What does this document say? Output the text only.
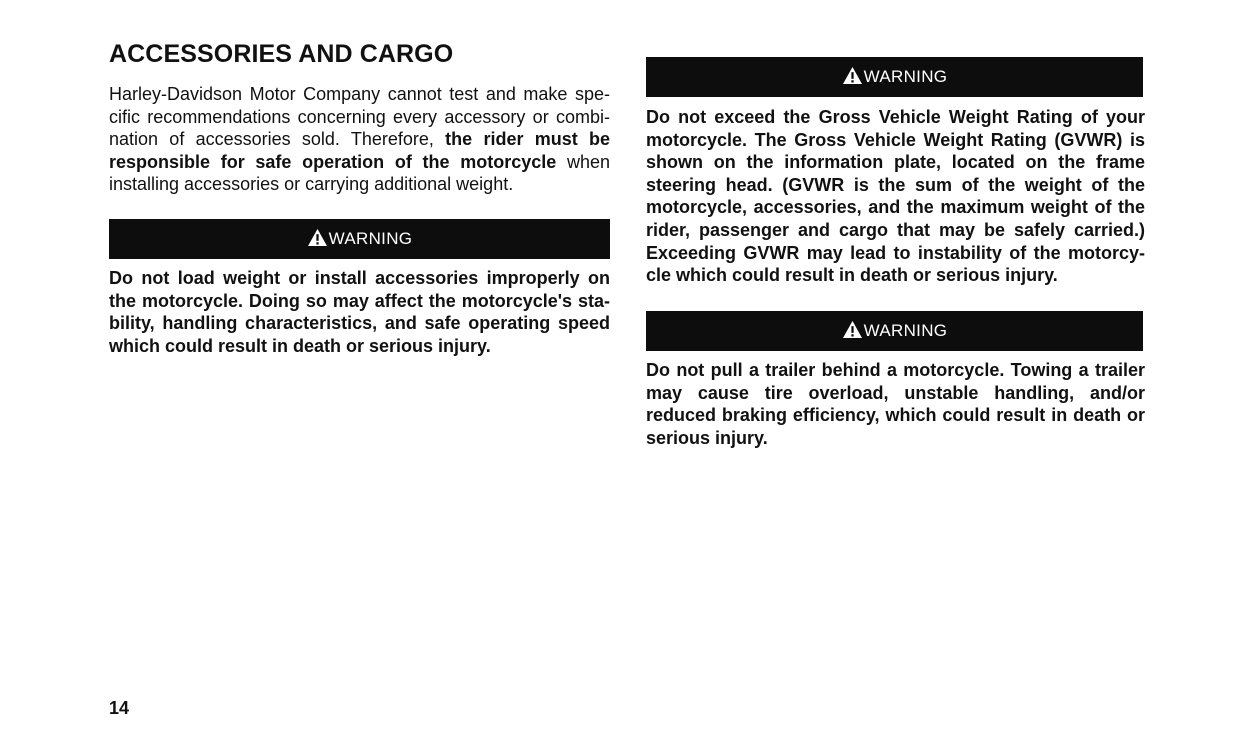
ACCESSORIES AND CARGO

Harley-Davidson Motor Company cannot test and make spe-cific recommendations concerning every accessory or combi-nation of accessories sold. Therefore, the rider must be responsible for safe operation of the motorcycle when installing accessories or carrying additional weight.

WARNING

Do not load weight or install accessories improperly on the motorcycle. Doing so may affect the motorcycle's sta-bility, handling characteristics, and safe operating speed which could result in death or serious injury.

WARNING

Do not exceed the Gross Vehicle Weight Rating of your motorcycle. The Gross Vehicle Weight Rating (GVWR) is shown on the information plate, located on the frame steering head. (GVWR is the sum of the weight of the motorcycle, accessories, and the maximum weight of the rider, passenger and cargo that may be safely carried.) Exceeding GVWR may lead to instability of the motorcy-cle which could result in death or serious injury.

WARNING

Do not pull a trailer behind a motorcycle. Towing a trailer may cause tire overload, unstable handling, and/or reduced braking efficiency, which could result in death or serious injury.

14
